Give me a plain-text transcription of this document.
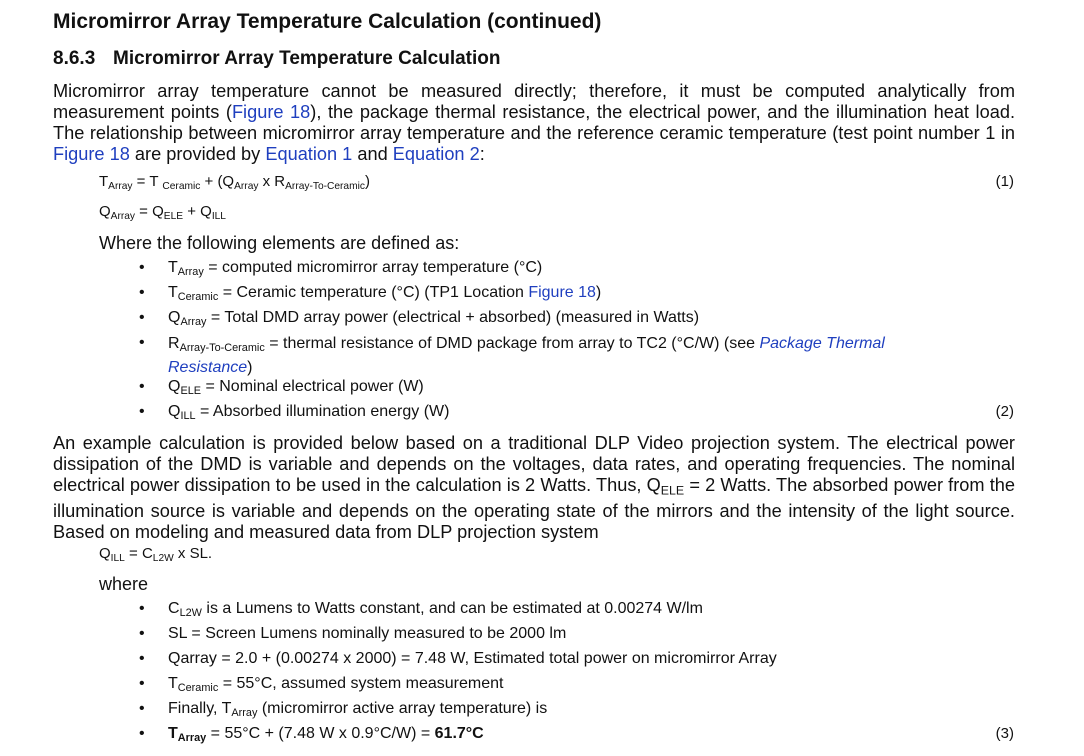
Micromirror Array Temperature Calculation (continued)
8.6.3 Micromirror Array Temperature Calculation

Micromirror array temperature cannot be measured directly; therefore, it must be computed analytically from measurement points (Figure 18), the package thermal resistance, the electrical power, and the illumination heat load. The relationship between micromirror array temperature and the reference ceramic temperature (test point number 1 in Figure 18 are provided by Equation 1 and Equation 2:

$T_{Array} = T$ $_{Ceramic} + (Q_{Array}$ x $R_{Array-To-Ceramic}$)	(1)
$Q_{Array} = Q_{ELE} + Q_{ILL}$
Where the following elements are defined as:
• $T_{Array}$ = computed micromirror array temperature (°C)
• $T_{Ceramic}$ = Ceramic temperature (°C) (TP1 Location Figure 18)
• $Q_{Array}$ = Total DMD array power (electrical + absorbed) (measured in Watts)
• $R_{Array-To-Ceramic}$ = thermal resistance of DMD package from array to TC2 (°C/W) (see Package Thermal Resistance)
• $Q_{ELE}$ = Nominal electrical power (W)
• $Q_{ILL}$ = Absorbed illumination energy (W)	(2)

An example calculation is provided below based on a traditional DLP Video projection system. The electrical power dissipation of the DMD is variable and depends on the voltages, data rates, and operating frequencies. The nominal electrical power dissipation to be used in the calculation is 2 Watts. Thus, $Q_{ELE} = 2$ Watts. The absorbed power from the illumination source is variable and depends on the operating state of the mirrors and the intensity of the light source. Based on modeling and measured data from DLP projection system

$Q_{ILL} = C_{L2W}$ x SL.
where
• $C_{L2W}$ is a Lumens to Watts constant, and can be estimated at 0.00274 W/lm
• SL = Screen Lumens nominally measured to be 2000 lm
• Qarray = 2.0 + (0.00274 x 2000) = 7.48 W, Estimated total power on micromirror Array
• $T_{Ceramic} = 55^\circ C$, assumed system measurement
• Finally, $T_{Array}$ (micromirror active array temperature) is
• $T_{Array} = 55^\circ C + (7.48$ W x 0.9°C/W) = 61.7°C	(3)
